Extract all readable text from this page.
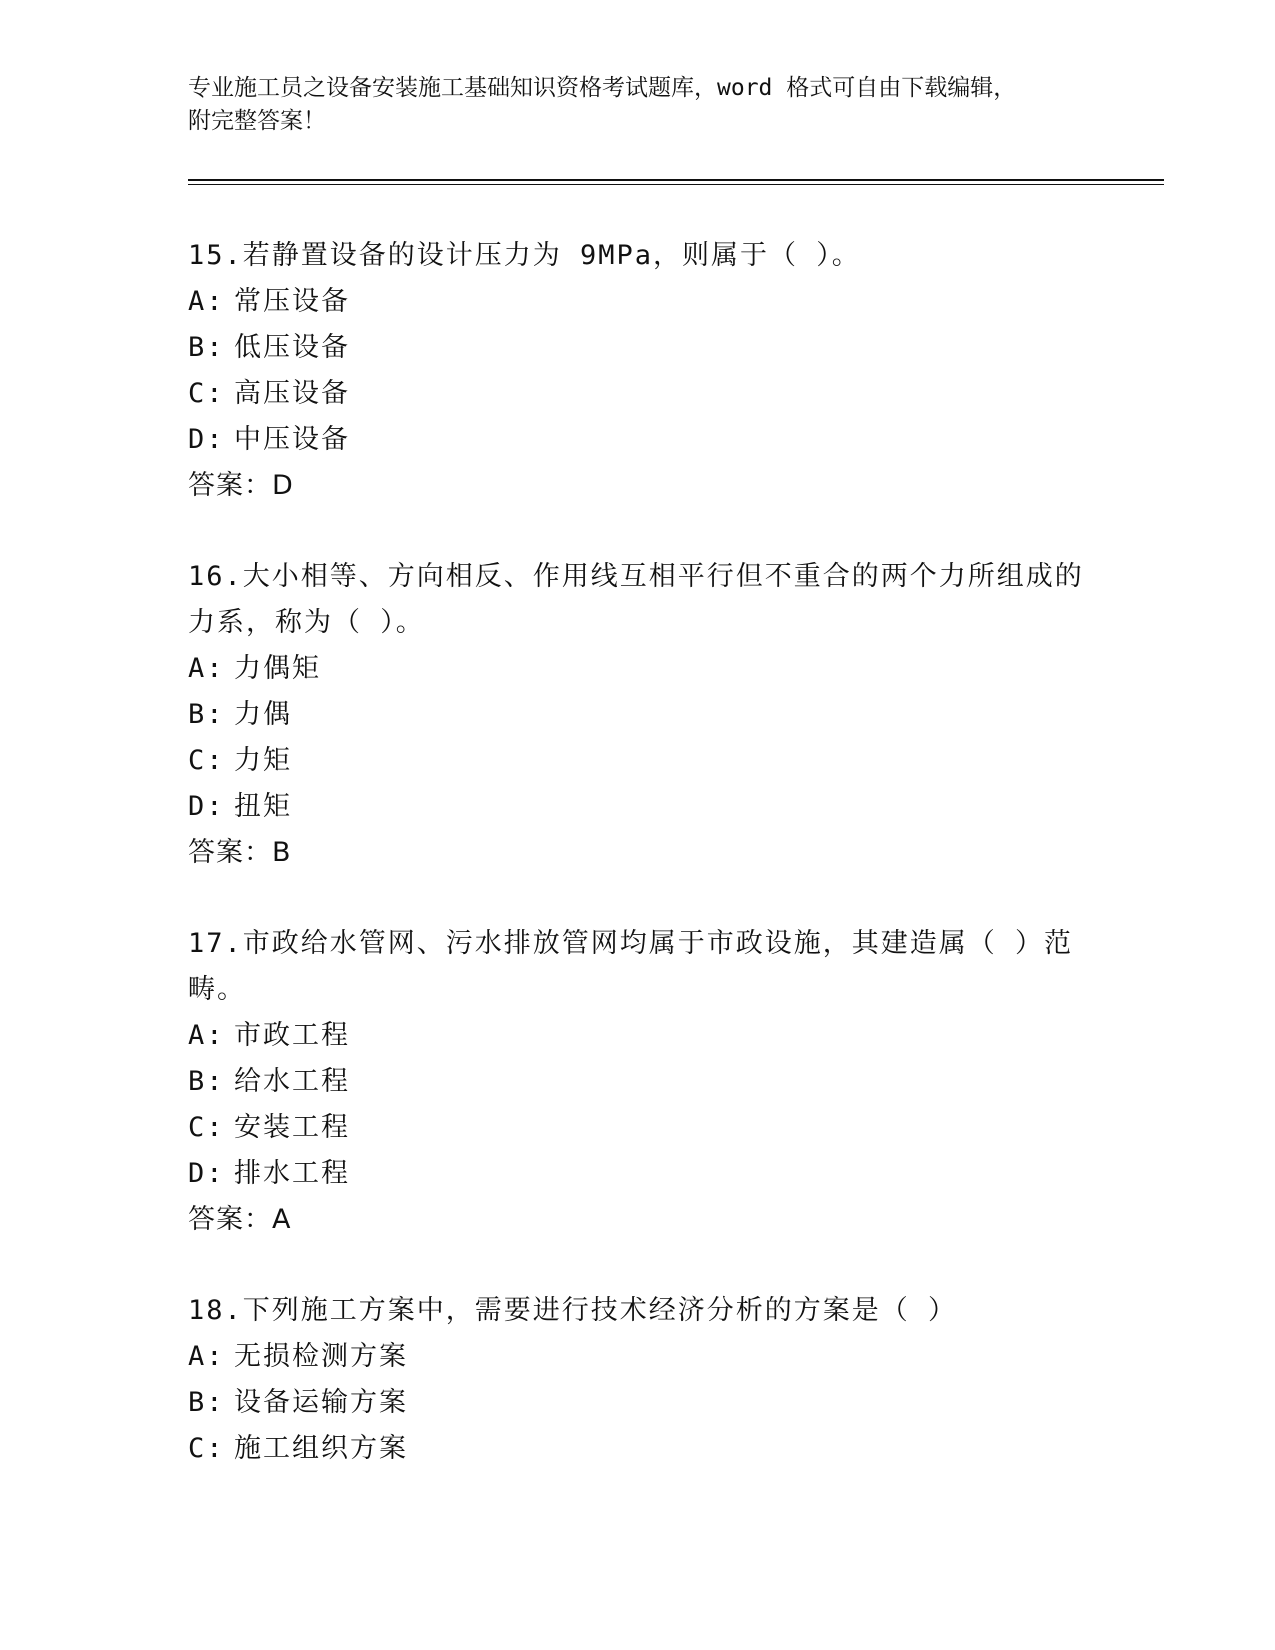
专业施工员之设备安装施工基础知识资格考试题库，word 格式可自由下载编辑，
附完整答案！
15.若静置设备的设计压力为 9MPa，则属于（ ）。
A: 常压设备
B: 低压设备
C: 高压设备
D: 中压设备
答案：D
16.大小相等、方向相反、作用线互相平行但不重合的两个力所组成的
力系，称为（ ）。
A: 力偶矩
B: 力偶
C: 力矩
D: 扭矩
答案：B
17.市政给水管网、污水排放管网均属于市政设施，其建造属（ ）范
畴。
A: 市政工程
B: 给水工程
C: 安装工程
D: 排水工程
答案：A
18.下列施工方案中，需要进行技术经济分析的方案是（ ）
A: 无损检测方案
B: 设备运输方案
C: 施工组织方案
